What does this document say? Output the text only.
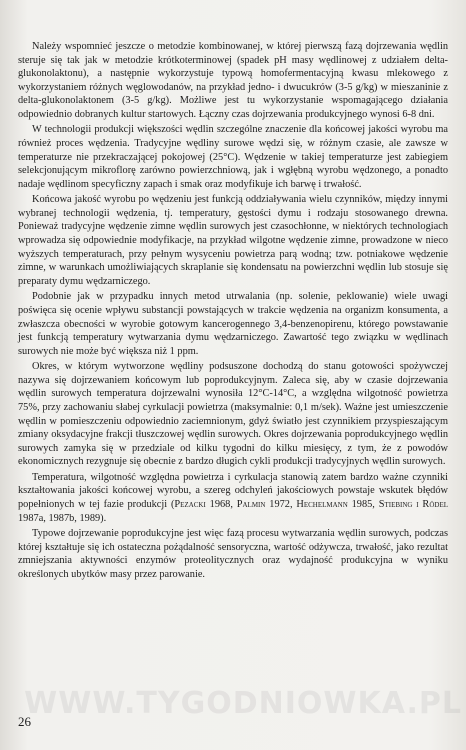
Należy wspomnieć jeszcze o metodzie kombinowanej, w której pierwszą fazą dojrzewania wędlin steruje się tak jak w metodzie krótkoterminowej (spadek pH masy wędlinowej z udziałem delta-glukonolaktonu), a następnie wykorzystuje typową homofermentacyjną kwasu mlekowego z wykorzystaniem różnych węglowodanów, na przykład jedno- i dwucukrów (3-5 g/kg) w mieszaninie z delta-glukonolaktonem (3-5 g/kg). Możliwe jest tu wykorzystanie wspomagającego działania odpowiednio dobranych kultur startowych. Łączny czas dojrzewania produkcyjnego wynosi 6-8 dni.

W technologii produkcji większości wędlin szczególne znaczenie dla końcowej jakości wyrobu ma również proces wędzenia. Tradycyjne wędliny surowe wędzi się, w różnym czasie, ale zawsze w temperaturze nie przekraczającej pokojowej (25°C). Wędzenie w takiej temperaturze jest zabiegiem selekcjonującym mikroflorę zarówno powierzchniową, jak i wgłębną wyrobu wędzonego, a ponadto nadaje wędlinom specyficzny zapach i smak oraz modyfikuje ich barwę i trwałość.

Końcowa jakość wyrobu po wędzeniu jest funkcją oddziaływania wielu czynników, między innymi wybranej technologii wędzenia, tj. temperatury, gęstości dymu i rodzaju stosowanego drewna. Ponieważ tradycyjne wędzenie zimne wędlin surowych jest czasochłonne, w niektórych technologiach wprowadza się odpowiednie modyfikacje, na przykład wilgotne wędzenie zimne, prowadzone w nieco wyższych temperaturach, przy pełnym wysyceniu powietrza parą wodną; tzw. potniakowe wędzenie zimne, w warunkach umożliwiających skraplanie się kondensatu na powierzchni wędlin lub stosuje się preparaty dymu wędzarniczego.

Podobnie jak w przypadku innych metod utrwalania (np. solenie, peklowanie) wiele uwagi poświęca się ocenie wpływu substancji powstających w trakcie wędzenia na organizm konsumenta, a zwłaszcza obecności w wyrobie gotowym kancerogennego 3,4-benzenopirenu, którego powstawanie jest funkcją temperatury wytwarzania dymu wędzarniczego. Zawartość tego związku w wędlinach surowych nie może być większa niż 1 ppm.

Okres, w którym wytworzone wędliny podsuszone dochodzą do stanu gotowości spożywczej nazywa się dojrzewaniem końcowym lub poprodukcyjnym. Zaleca się, aby w czasie dojrzewania wędlin surowych temperatura dojrzewalni wynosiła 12°C-14°C, a względna wilgotność powietrza 75%, przy zachowaniu słabej cyrkulacji powietrza (maksymalnie: 0,1 m/sek). Ważne jest umieszczenie wędlin w pomieszczeniu odpowiednio zaciemnionym, gdyż światło jest czynnikiem przyspieszającym zmiany oksydacyjne frakcji tłuszczowej wędlin surowych. Okres dojrzewania poprodukcyjnego wędlin surowych zamyka się w przedziale od kilku tygodni do kilku miesięcy, z tym, że z powodów ekonomicznych rezygnuje się obecnie z bardzo długich cykli produkcji tradycyjnych wędlin surowych.

Temperatura, wilgotność względna powietrza i cyrkulacja stanowią zatem bardzo ważne czynniki kształtowania jakości końcowej wyrobu, a szereg odchyleń jakościowych powstaje wskutek błędów popełnionych w tej fazie produkcji (Pezacki 1968, Palmin 1972, Hechelmann 1985, Stiebing i Rödel 1987a, 1987b, 1989).

Typowe dojrzewanie poprodukcyjne jest więc fazą procesu wytwarzania wędlin surowych, podczas której kształtuje się ich ostateczna pożądalność sensoryczna, wartość odżywcza, trwałość, jako rezultat zmniejszania aktywności enzymów proteolitycznych oraz wydajność produkcyjna w wyniku określonych ubytków masy przez parowanie.

WWW.TYGODNIOWKA.PL
26
